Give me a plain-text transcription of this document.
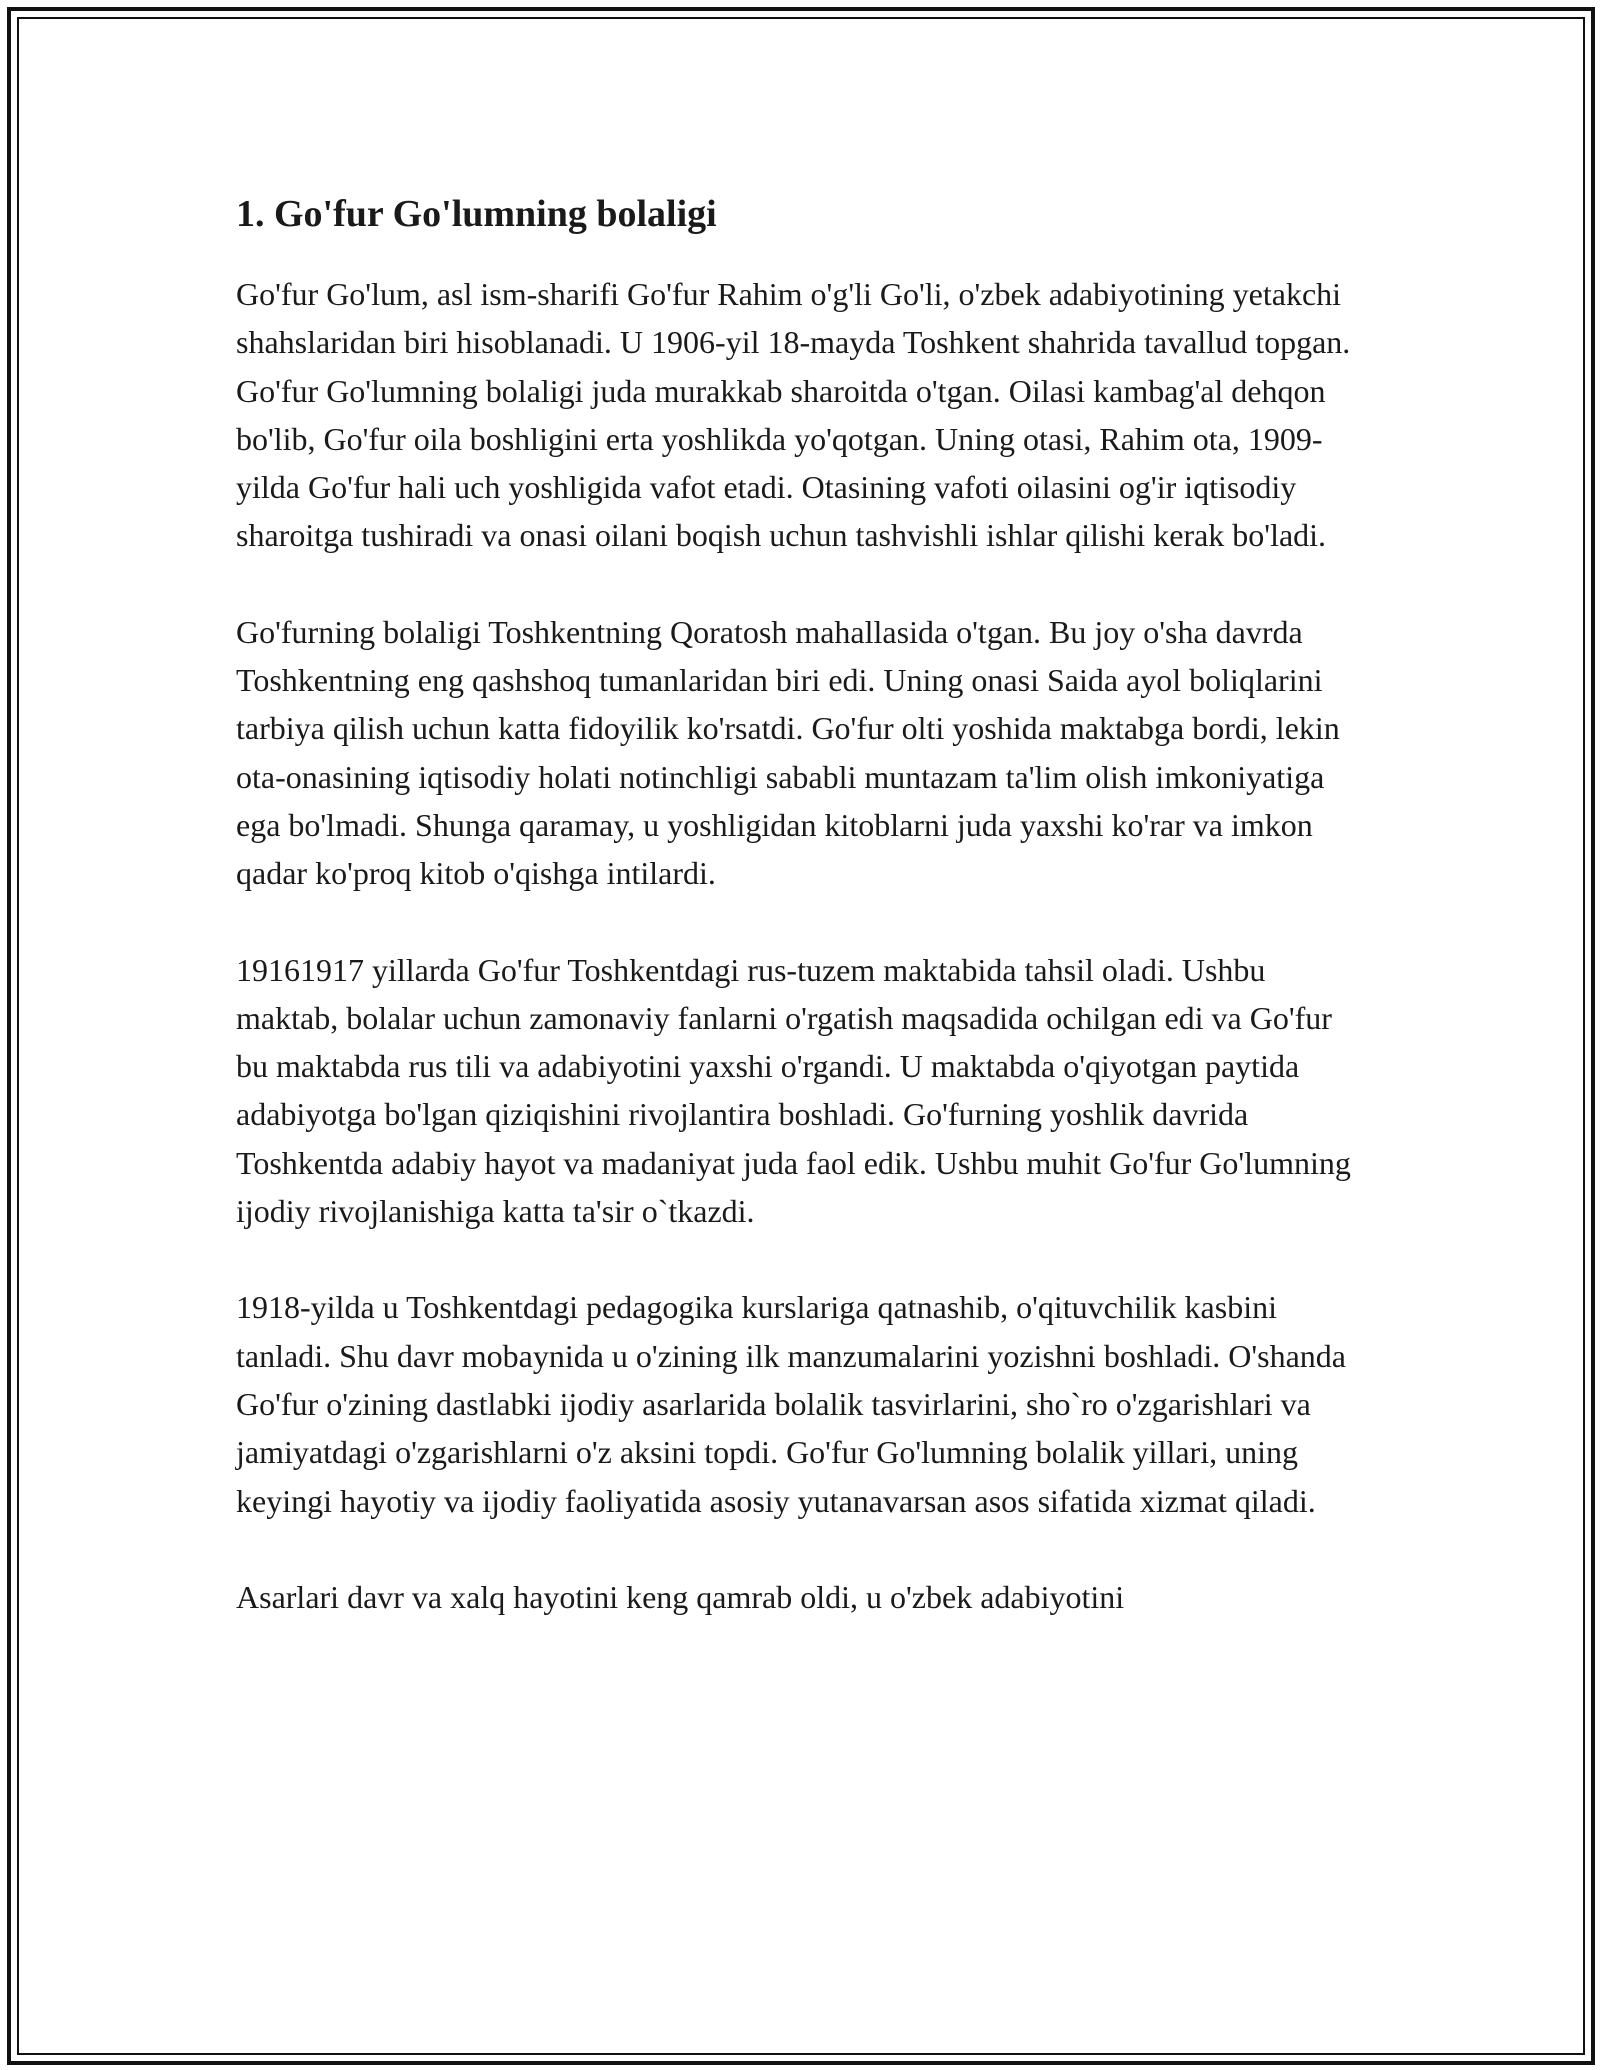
1. Go'fur Go'lumning bolaligi

Go'fur Go'lum, asl ism-sharifi Go'fur Rahim o'g'li Go'li, o'zbek adabiyotining yetakchi shahslaridan biri hisoblanadi. U 1906-yil 18-mayda Toshkent shahrida tavallud topgan. Go'fur Go'lumning bolaligi juda murakkab sharoitda o'tgan. Oilasi kambag'al dehqon bo'lib, Go'fur oila boshligini erta yoshlikda yo'qotgan. Uning otasi, Rahim ota, 1909-yilda Go'fur hali uch yoshligida vafot etadi. Otasining vafoti oilasini og'ir iqtisodiy sharoitga tushiradi va onasi oilani boqish uchun tashvishli ishlar qilishi kerak bo'ladi.

Go'furning bolaligi Toshkentning Qoratosh mahallasida o'tgan. Bu joy o'sha davrda Toshkentning eng qashshoq tumanlaridan biri edi. Uning onasi Saida ayol boliqlarini tarbiya qilish uchun katta fidoyilik ko'rsatdi. Go'fur olti yoshida maktabga bordi, lekin ota-onasining iqtisodiy holati notinchligi sababli muntazam ta'lim olish imkoniyatiga ega bo'lmadi. Shunga qaramay, u yoshligidan kitoblarni juda yaxshi ko'rar va imkon qadar ko'proq kitob o'qishga intilardi.

19161917 yillarda Go'fur Toshkentdagi rus-tuzem maktabida tahsil oladi. Ushbu maktab, bolalar uchun zamonaviy fanlarni o'rgatish maqsadida ochilgan edi va Go'fur bu maktabda rus tili va adabiyotini yaxshi o'rgandi. U maktabda o'qiyotgan paytida adabiyotga bo'lgan qiziqishini rivojlantira boshladi. Go'furning yoshlik davrida Toshkentda adabiy hayot va madaniyat juda faol edik. Ushbu muhit Go'fur Go'lumning ijodiy rivojlanishiga katta ta'sir o`tkazdi.

1918-yilda u Toshkentdagi pedagogika kurslariga qatnashib, o'qituvchilik kasbini tanladi. Shu davr mobaynida u o'zining ilk manzumalarini yozishni boshladi. O'shanda Go'fur o'zining dastlabki ijodiy asarlarida bolalik tasvirlarini, sho`ro o'zgarishlari va jamiyatdagi o'zgarishlarni o'z aksini topdi. Go'fur Go'lumning bolalik yillari, uning keyingi hayotiy va ijodiy faoliyatida asosiy yutanavarsan asos sifatida xizmat qiladi.

Asarlari davr va xalq hayotini keng qamrab oldi, u o'zbek adabiyotini
